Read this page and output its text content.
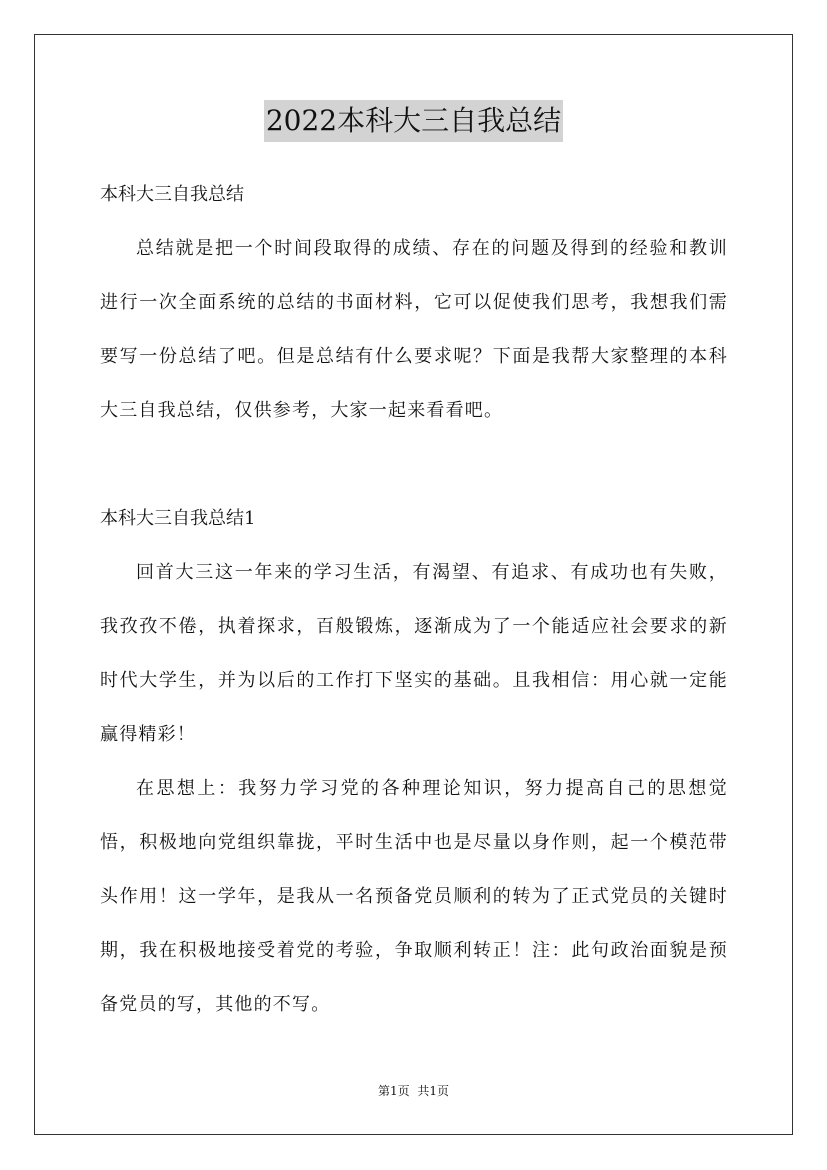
2022本科大三自我总结

本科大三自我总结

总结就是把一个时间段取得的成绩、存在的问题及得到的经验和教训进行一次全面系统的总结的书面材料，它可以促使我们思考，我想我们需要写一份总结了吧。但是总结有什么要求呢？下面是我帮大家整理的本科大三自我总结，仅供参考，大家一起来看看吧。

本科大三自我总结1

回首大三这一年来的学习生活，有渴望、有追求、有成功也有失败，我孜孜不倦，执着探求，百般锻炼，逐渐成为了一个能适应社会要求的新时代大学生，并为以后的工作打下坚实的基础。且我相信：用心就一定能赢得精彩！

在思想上：我努力学习党的各种理论知识，努力提高自己的思想觉悟，积极地向党组织靠拢，平时生活中也是尽量以身作则，起一个模范带头作用！这一学年，是我从一名预备党员顺利的转为了正式党员的关键时期，我在积极地接受着党的考验，争取顺利转正！注：此句政治面貌是预备党员的写，其他的不写。

第1页 共1页
